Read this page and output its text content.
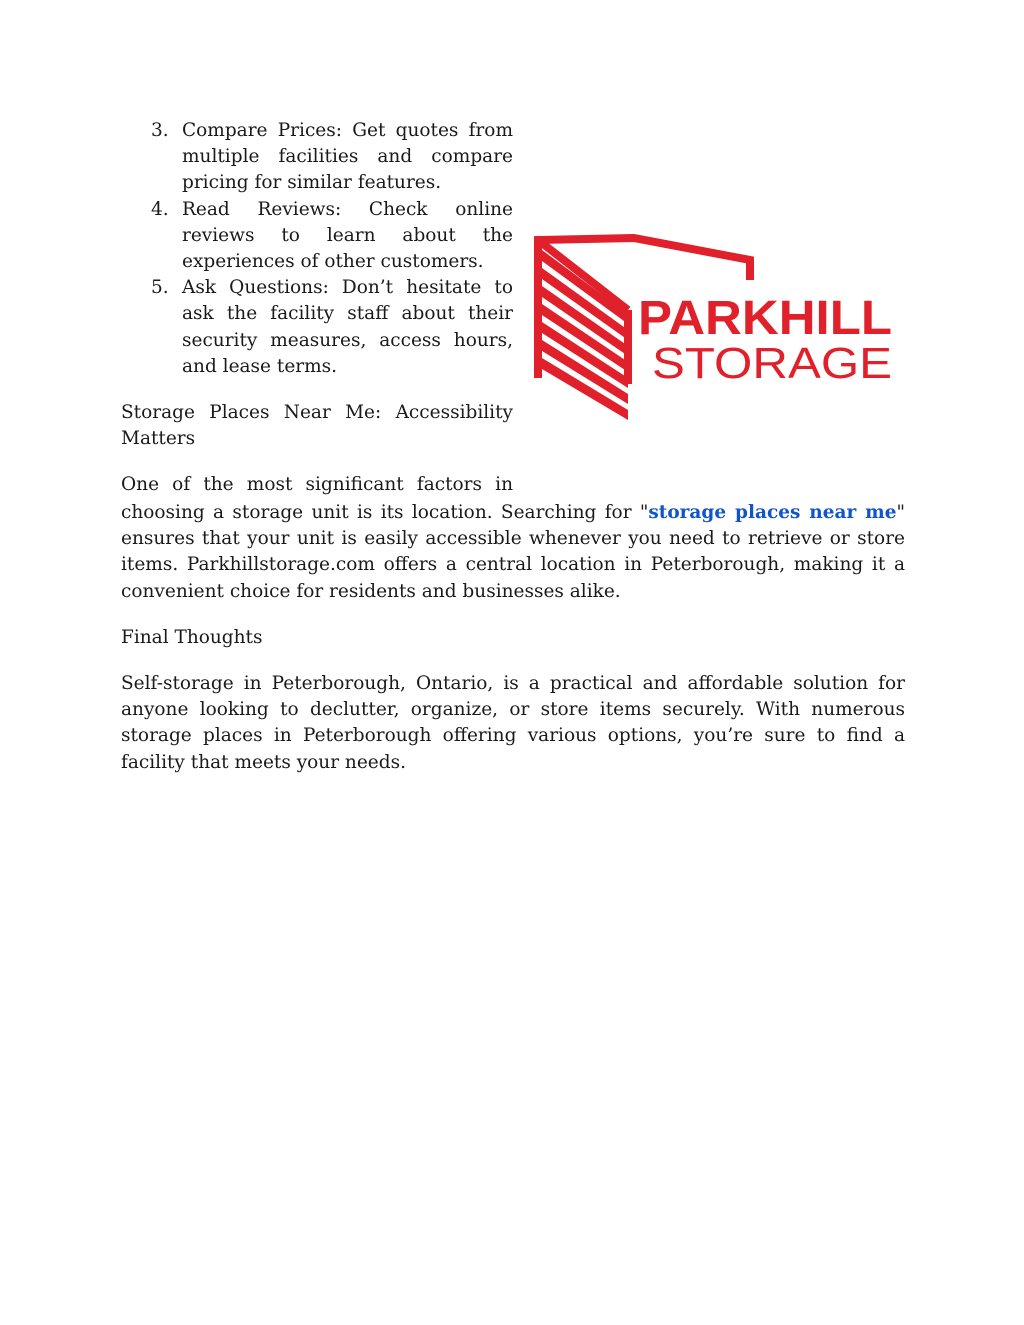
3. Compare Prices: Get quotes from multiple facilities and compare pricing for similar features.
4. Read Reviews: Check online reviews to learn about the experiences of other customers.
5. Ask Questions: Don’t hesitate to ask the facility staff about their security measures, access hours, and lease terms.

Storage Places Near Me: Accessibility Matters

One of the most significant factors in

PARKHILL
STORAGE

choosing a storage unit is its location. Searching for "storage places near me" ensures that your unit is easily accessible whenever you need to retrieve or store items. Parkhillstorage.com offers a central location in Peterborough, making it a convenient choice for residents and businesses alike.

Final Thoughts

Self-storage in Peterborough, Ontario, is a practical and affordable solution for anyone looking to declutter, organize, or store items securely. With numerous storage places in Peterborough offering various options, you’re sure to find a facility that meets your needs.
